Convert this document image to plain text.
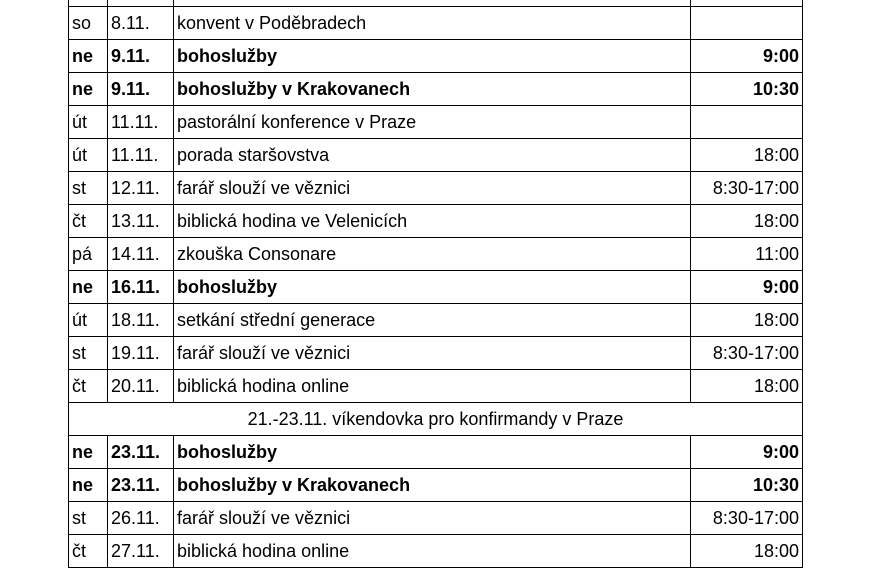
so	8.11.	konvent v Poděbradech	
ne	9.11.	bohoslužby	9:00
ne	9.11.	bohoslužby v Krakovanech	10:30
út	11.11.	pastorální konference v Praze	
út	11.11.	porada staršovstva	18:00
st	12.11.	farář slouží ve věznici	8:30-17:00
čt	13.11.	biblická hodina ve Velenicích	18:00
pá	14.11.	zkouška Consonare	11:00
ne	16.11.	bohoslužby	9:00
út	18.11.	setkání střední generace	18:00
st	19.11.	farář slouží ve věznici	8:30-17:00
čt	20.11.	biblická hodina online	18:00
21.-23.11. víkendovka pro konfirmandy v Praze			
ne	23.11.	bohoslužby	9:00
ne	23.11.	bohoslužby v Krakovanech	10:30
st	26.11.	farář slouží ve věznici	8:30-17:00
čt	27.11.	biblická hodina online	18:00
